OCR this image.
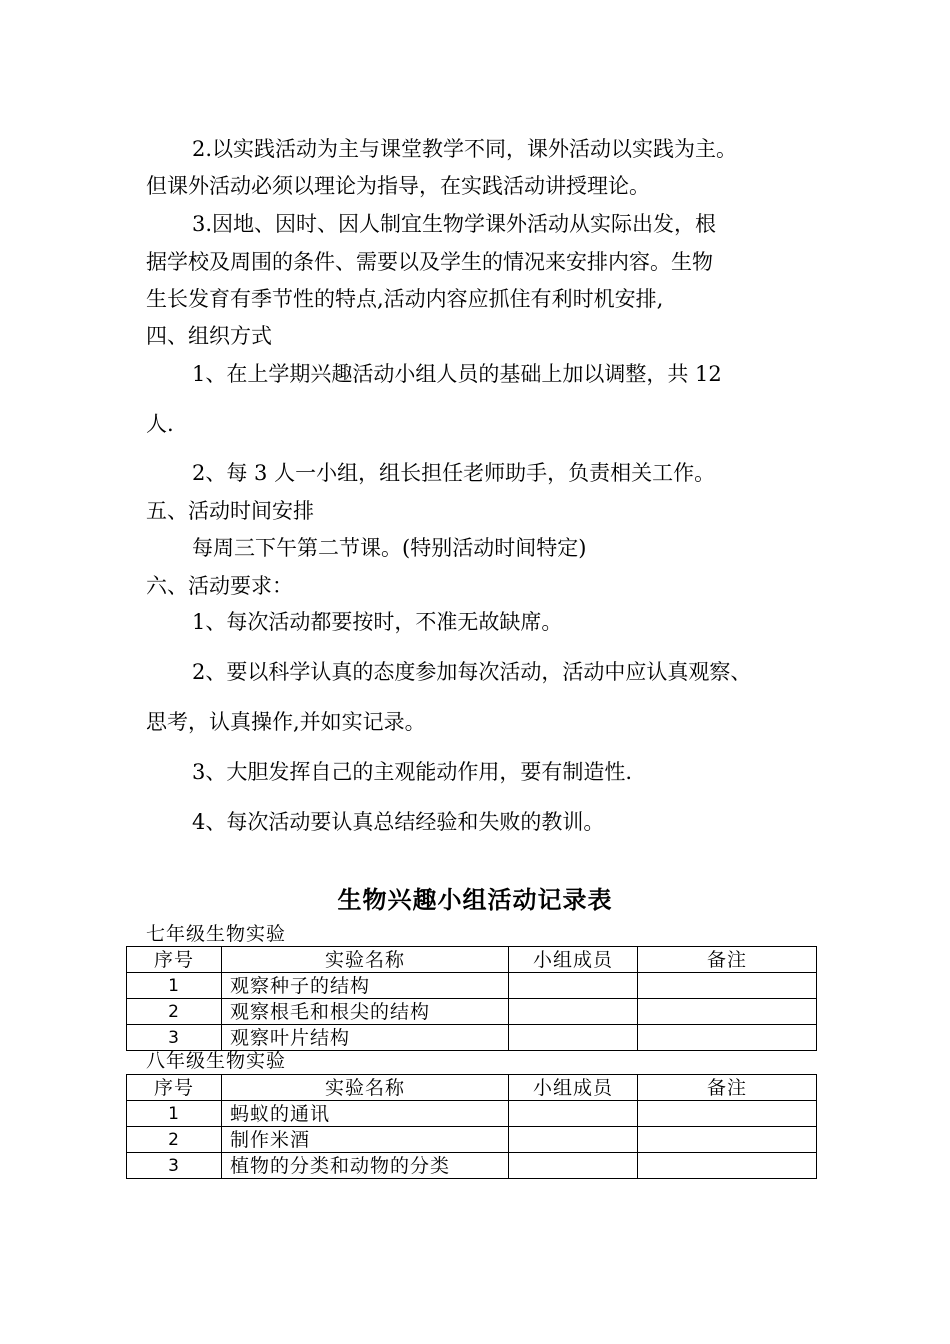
2.以实践活动为主与课堂教学不同，课外活动以实践为主。
但课外活动必须以理论为指导，在实践活动讲授理论。
3.因地、因时、因人制宜生物学课外活动从实际出发，根
据学校及周围的条件、需要以及学生的情况来安排内容。生物
生长发育有季节性的特点,活动内容应抓住有利时机安排,
四、组织方式
1、在上学期兴趣活动小组人员的基础上加以调整，共 12
人.
2、每 3 人一小组，组长担任老师助手，负责相关工作。
五、活动时间安排
每周三下午第二节课。(特别活动时间特定)
六、活动要求：
1、每次活动都要按时，不准无故缺席。
2、要以科学认真的态度参加每次活动，活动中应认真观察、
思考，认真操作,并如实记录。
3、大胆发挥自己的主观能动作用，要有制造性.
4、每次活动要认真总结经验和失败的教训。
生物兴趣小组活动记录表
七年级生物实验
序号	实验名称	小组成员	备注
1	观察种子的结构		
2	观察根毛和根尖的结构		
3	观察叶片结构		
八年级生物实验
序号	实验名称	小组成员	备注
1	蚂蚁的通讯		
2	制作米酒		
3	植物的分类和动物的分类		
